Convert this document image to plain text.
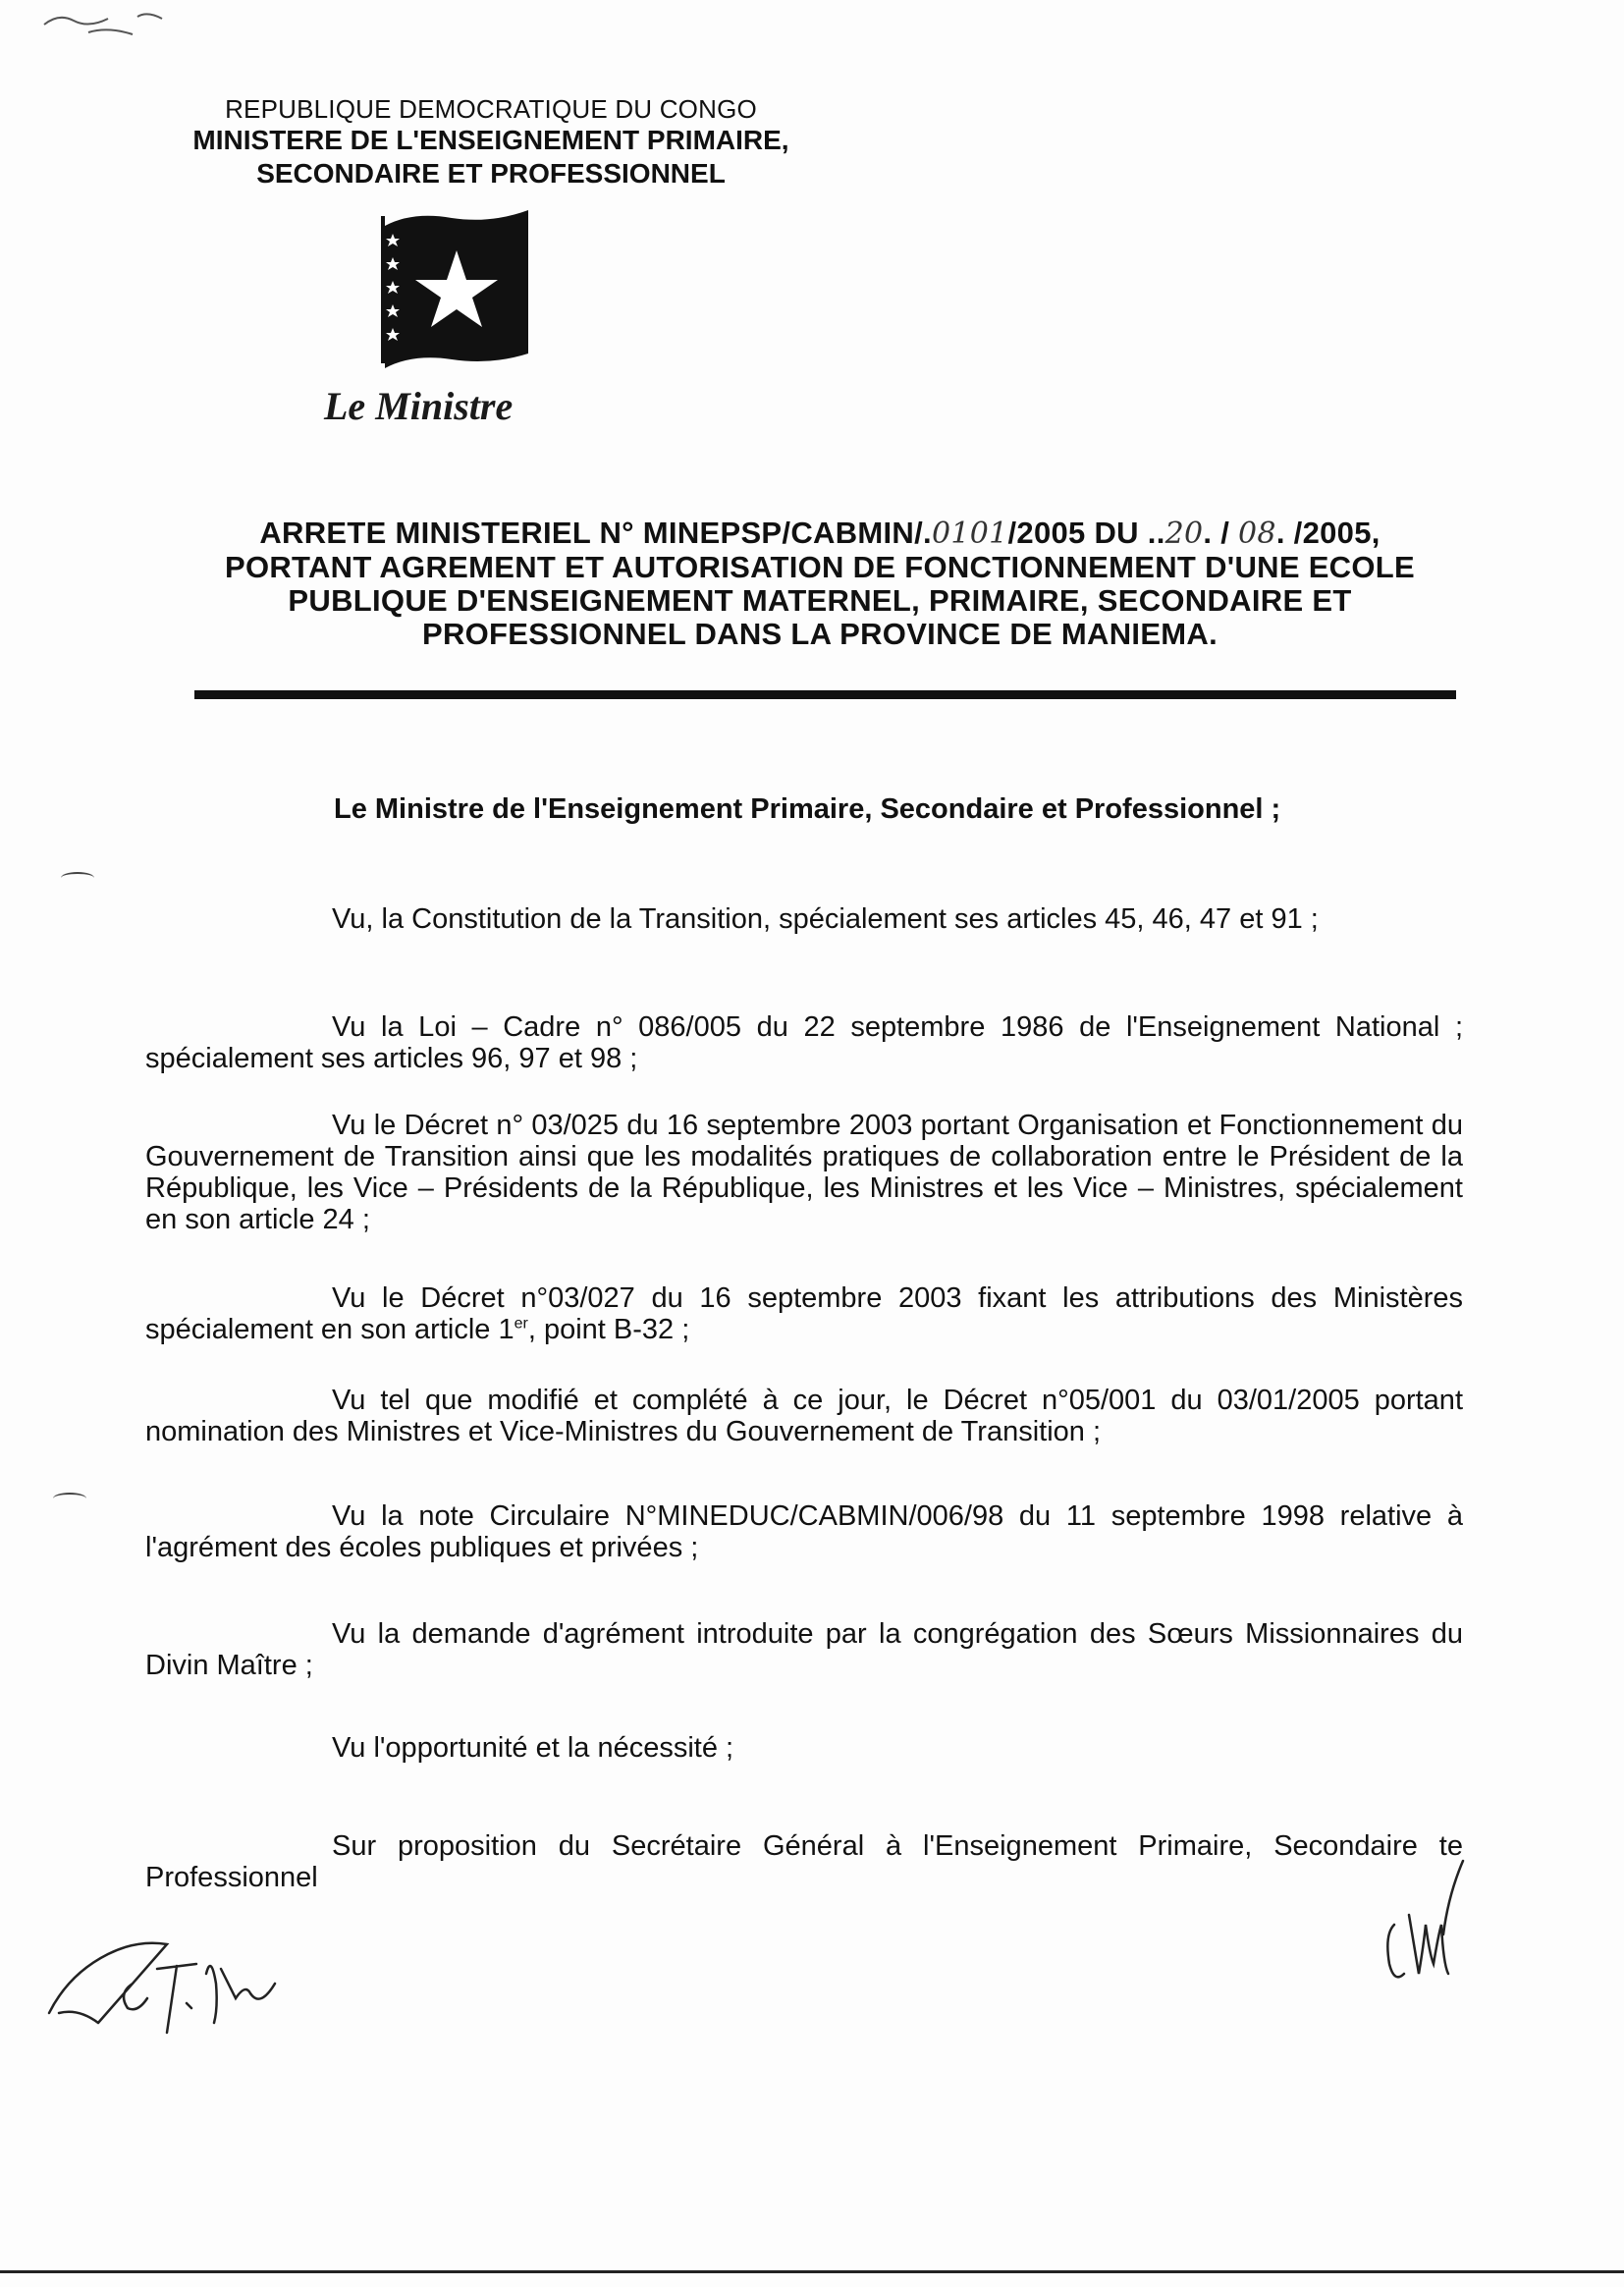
REPUBLIQUE DEMOCRATIQUE DU CONGO
MINISTERE DE L'ENSEIGNEMENT PRIMAIRE,
SECONDAIRE ET PROFESSIONNEL
Le Ministre
ARRETE MINISTERIEL N° MINEPSP/CABMIN/.0101/2005 DU ..20. / 08. /2005,
PORTANT AGREMENT ET AUTORISATION DE FONCTIONNEMENT D'UNE ECOLE
PUBLIQUE D'ENSEIGNEMENT MATERNEL, PRIMAIRE, SECONDAIRE ET
PROFESSIONNEL DANS LA PROVINCE DE MANIEMA.
Le Ministre de l'Enseignement Primaire, Secondaire et Professionnel ;

Vu, la Constitution de la Transition, spécialement ses articles 45, 46, 47 et 91 ;

Vu la Loi – Cadre n° 086/005 du 22 septembre 1986 de l'Enseignement National ; spécialement ses articles 96, 97 et 98 ;

Vu le Décret n° 03/025 du 16 septembre 2003 portant Organisation et Fonctionnement du Gouvernement de Transition ainsi que les modalités pratiques de collaboration entre le Président de la République, les Vice – Présidents de la République, les Ministres et les Vice – Ministres, spécialement en son article 24 ;

Vu le Décret n°03/027 du 16 septembre 2003 fixant les attributions des Ministères spécialement en son article 1er, point B-32 ;

Vu tel que modifié et complété à ce jour, le Décret n°05/001 du 03/01/2005 portant nomination des Ministres et Vice-Ministres du Gouvernement de Transition ;

Vu la note Circulaire N°MINEDUC/CABMIN/006/98 du 11 septembre 1998 relative à l'agrément des écoles publiques et privées ;

Vu la demande d'agrément introduite par la congrégation des Sœurs Missionnaires du Divin Maître ;

Vu l'opportunité et la nécessité ;

Sur proposition du Secrétaire Général à l'Enseignement Primaire, Secondaire te Professionnel
